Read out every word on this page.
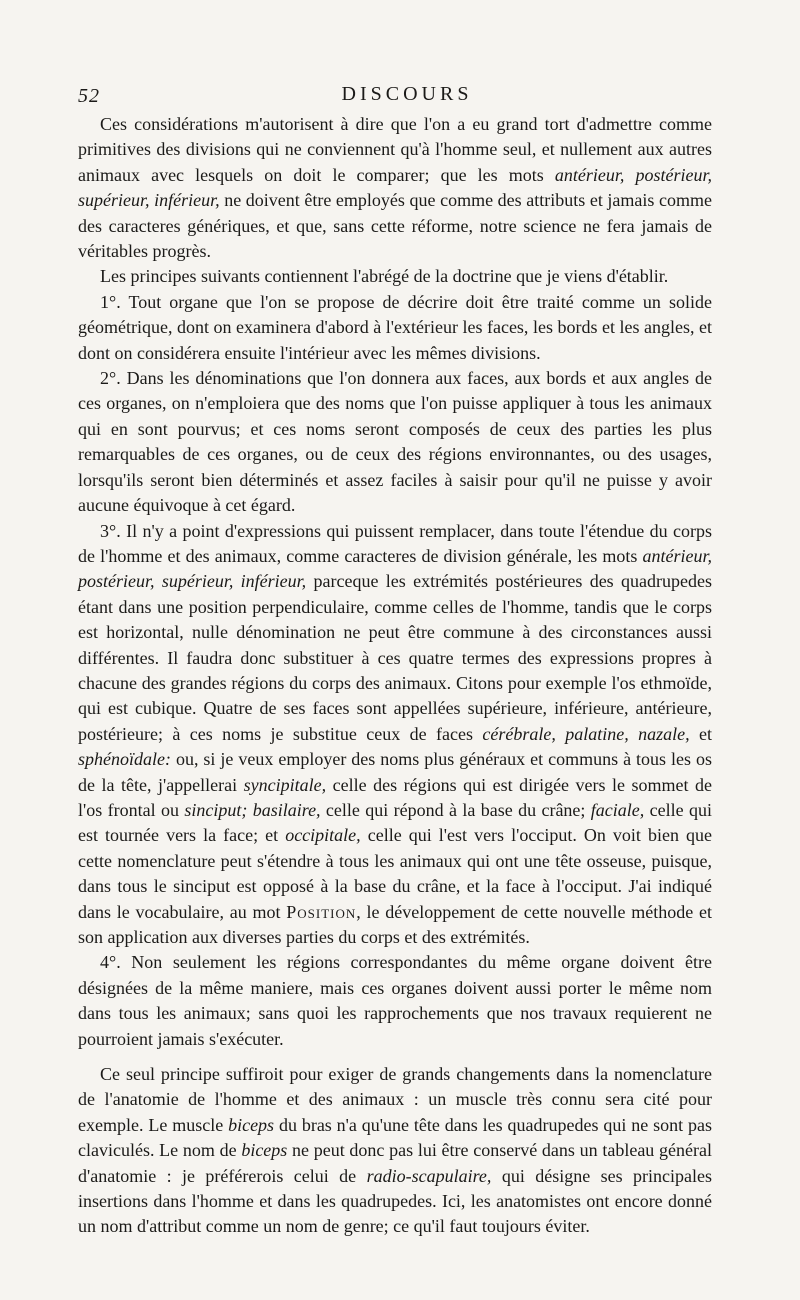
52	DISCOURS

Ces considérations m'autorisent à dire que l'on a eu grand tort d'admettre comme primitives des divisions qui ne conviennent qu'à l'homme seul, et nullement aux autres animaux avec lesquels on doit le comparer; que les mots antérieur, postérieur, supérieur, inférieur, ne doivent être employés que comme des attributs et jamais comme des caracteres génériques, et que, sans cette réforme, notre science ne fera jamais de véritables progrès.

Les principes suivants contiennent l'abrégé de la doctrine que je viens d'établir.

1°. Tout organe que l'on se propose de décrire doit être traité comme un solide géométrique, dont on examinera d'abord à l'extérieur les faces, les bords et les angles, et dont on considérera ensuite l'intérieur avec les mêmes divisions.

2°. Dans les dénominations que l'on donnera aux faces, aux bords et aux angles de ces organes, on n'emploiera que des noms que l'on puisse appliquer à tous les animaux qui en sont pourvus; et ces noms seront composés de ceux des parties les plus remarquables de ces organes, ou de ceux des régions environnantes, ou des usages, lorsqu'ils seront bien déterminés et assez faciles à saisir pour qu'il ne puisse y avoir aucune équivoque à cet égard.

3°. Il n'y a point d'expressions qui puissent remplacer, dans toute l'étendue du corps de l'homme et des animaux, comme caracteres de division générale, les mots antérieur, postérieur, supérieur, inférieur, parceque les extrémités postérieures des quadrupedes étant dans une position perpendiculaire, comme celles de l'homme, tandis que le corps est horizontal, nulle dénomination ne peut être commune à des circonstances aussi différentes. Il faudra donc substituer à ces quatre termes des expressions propres à chacune des grandes régions du corps des animaux. Citons pour exemple l'os ethmoïde, qui est cubique. Quatre de ses faces sont appellées supérieure, inférieure, antérieure, postérieure; à ces noms je substitue ceux de faces cérébrale, palatine, nazale, et sphénoïdale: ou, si je veux employer des noms plus généraux et communs à tous les os de la tête, j'appellerai syncipitale, celle des régions qui est dirigée vers le sommet de l'os frontal ou sinciput; basilaire, celle qui répond à la base du crâne; faciale, celle qui est tournée vers la face; et occipitale, celle qui l'est vers l'occiput. On voit bien que cette nomenclature peut s'étendre à tous les animaux qui ont une tête osseuse, puisque, dans tous le sinciput est opposé à la base du crâne, et la face à l'occiput. J'ai indiqué dans le vocabulaire, au mot Position, le développement de cette nouvelle méthode et son application aux diverses parties du corps et des extrémités.

4°. Non seulement les régions correspondantes du même organe doivent être désignées de la même maniere, mais ces organes doivent aussi porter le même nom dans tous les animaux; sans quoi les rapprochements que nos travaux requierent ne pourroient jamais s'exécuter.

Ce seul principe suffiroit pour exiger de grands changements dans la nomenclature de l'anatomie de l'homme et des animaux : un muscle très connu sera cité pour exemple. Le muscle biceps du bras n'a qu'une tête dans les quadrupedes qui ne sont pas claviculés. Le nom de biceps ne peut donc pas lui être conservé dans un tableau général d'anatomie : je préférerois celui de radio-scapulaire, qui désigne ses principales insertions dans l'homme et dans les quadrupedes. Ici, les anatomistes ont encore donné un nom d'attribut comme un nom de genre; ce qu'il faut toujours éviter.
